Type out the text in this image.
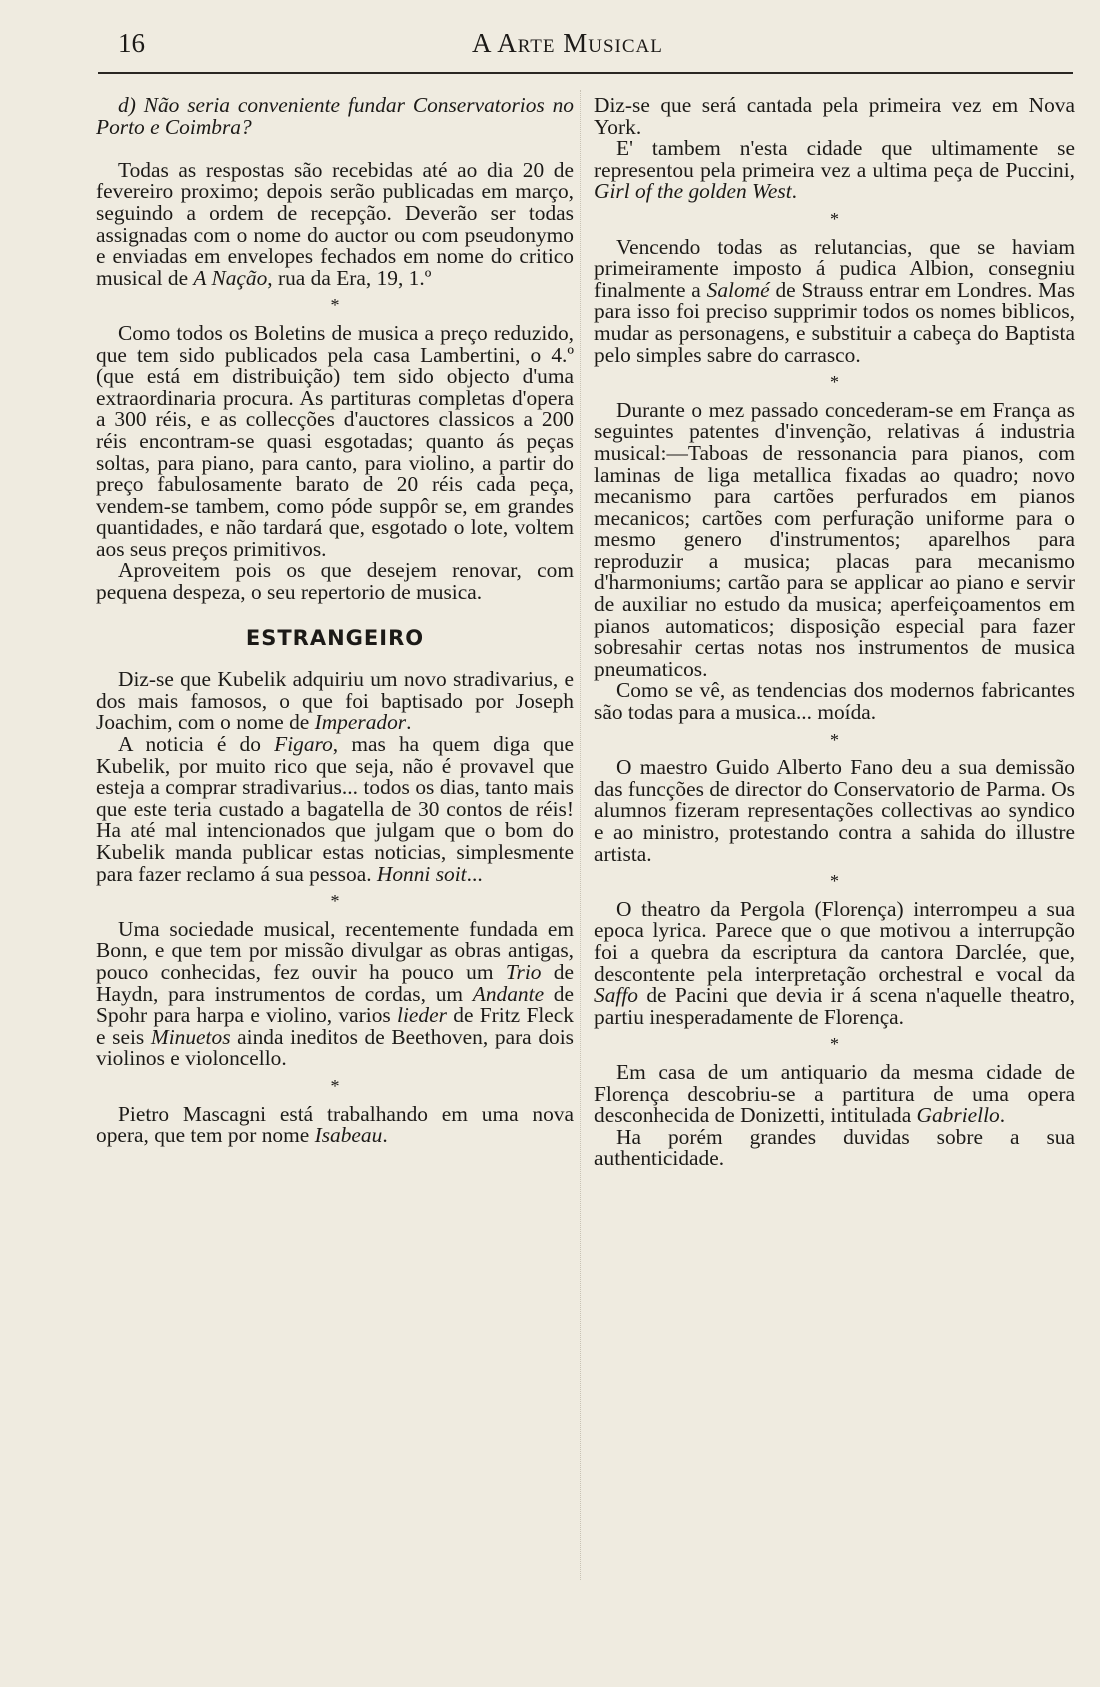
16	A Arte Musical

d) Não seria conveniente fundar Conservatorios no Porto e Coimbra?

Todas as respostas são recebidas até ao dia 20 de fevereiro proximo; depois serão publicadas em março, seguindo a ordem de recepção. Deverão ser todas assignadas com o nome do auctor ou com pseudonymo e enviadas em envelopes fechados em nome do critico musical de A Nação, rua da Era, 19, 1.º

*

Como todos os Boletins de musica a preço reduzido, que tem sido publicados pela casa Lambertini, o 4.º (que está em distribuição) tem sido objecto d'uma extraordinaria procura. As partituras completas d'opera a 300 réis, e as collecções d'auctores classicos a 200 réis encontram-se quasi esgotadas; quanto ás peças soltas, para piano, para canto, para violino, a partir do preço fabulosamente barato de 20 réis cada peça, vendem-se tambem, como póde suppôr se, em grandes quantidades, e não tardará que, esgotado o lote, voltem aos seus preços primitivos.

Aproveitem pois os que desejem renovar, com pequena despeza, o seu repertorio de musica.

ESTRANGEIRO

Diz-se que Kubelik adquiriu um novo stradivarius, e dos mais famosos, o que foi baptisado por Joseph Joachim, com o nome de Imperador.

A noticia é do Figaro, mas ha quem diga que Kubelik, por muito rico que seja, não é provavel que esteja a comprar stradivarius... todos os dias, tanto mais que este teria custado a bagatella de 30 contos de réis! Ha até mal intencionados que julgam que o bom do Kubelik manda publicar estas noticias, simplesmente para fazer reclamo á sua pessoa. Honni soit...

*

Uma sociedade musical, recentemente fundada em Bonn, e que tem por missão divulgar as obras antigas, pouco conhecidas, fez ouvir ha pouco um Trio de Haydn, para instrumentos de cordas, um Andante de Spohr para harpa e violino, varios lieder de Fritz Fleck e seis Minuetos ainda ineditos de Beethoven, para dois violinos e violoncello.

*

Pietro Mascagni está trabalhando em uma nova opera, que tem por nome Isabeau.

Diz-se que será cantada pela primeira vez em Nova York.

E' tambem n'esta cidade que ultimamente se representou pela primeira vez a ultima peça de Puccini, Girl of the golden West.

*

Vencendo todas as relutancias, que se haviam primeiramente imposto á pudica Albion, consegniu finalmente a Salomé de Strauss entrar em Londres. Mas para isso foi preciso supprimir todos os nomes biblicos, mudar as personagens, e substituir a cabeça do Baptista pelo simples sabre do carrasco.

*

Durante o mez passado concederam-se em França as seguintes patentes d'invenção, relativas á industria musical:—Taboas de ressonancia para pianos, com laminas de liga metallica fixadas ao quadro; novo mecanismo para cartões perfurados em pianos mecanicos; cartões com perfuração uniforme para o mesmo genero d'instrumentos; aparelhos para reproduzir a musica; placas para mecanismo d'harmoniums; cartão para se applicar ao piano e servir de auxiliar no estudo da musica; aperfeiçoamentos em pianos automaticos; disposição especial para fazer sobresahir certas notas nos instrumentos de musica pneumaticos.

Como se vê, as tendencias dos modernos fabricantes são todas para a musica... moída.

*

O maestro Guido Alberto Fano deu a sua demissão das funcções de director do Conservatorio de Parma. Os alumnos fizeram representações collectivas ao syndico e ao ministro, protestando contra a sahida do illustre artista.

*

O theatro da Pergola (Florença) interrompeu a sua epoca lyrica. Parece que o que motivou a interrupção foi a quebra da escriptura da cantora Darclée, que, descontente pela interpretação orchestral e vocal da Saffo de Pacini que devia ir á scena n'aquelle theatro, partiu inesperadamente de Florença.

*

Em casa de um antiquario da mesma cidade de Florença descobriu-se a partitura de uma opera desconhecida de Donizetti, intitulada Gabriello.

Ha porém grandes duvidas sobre a sua authenticidade.
